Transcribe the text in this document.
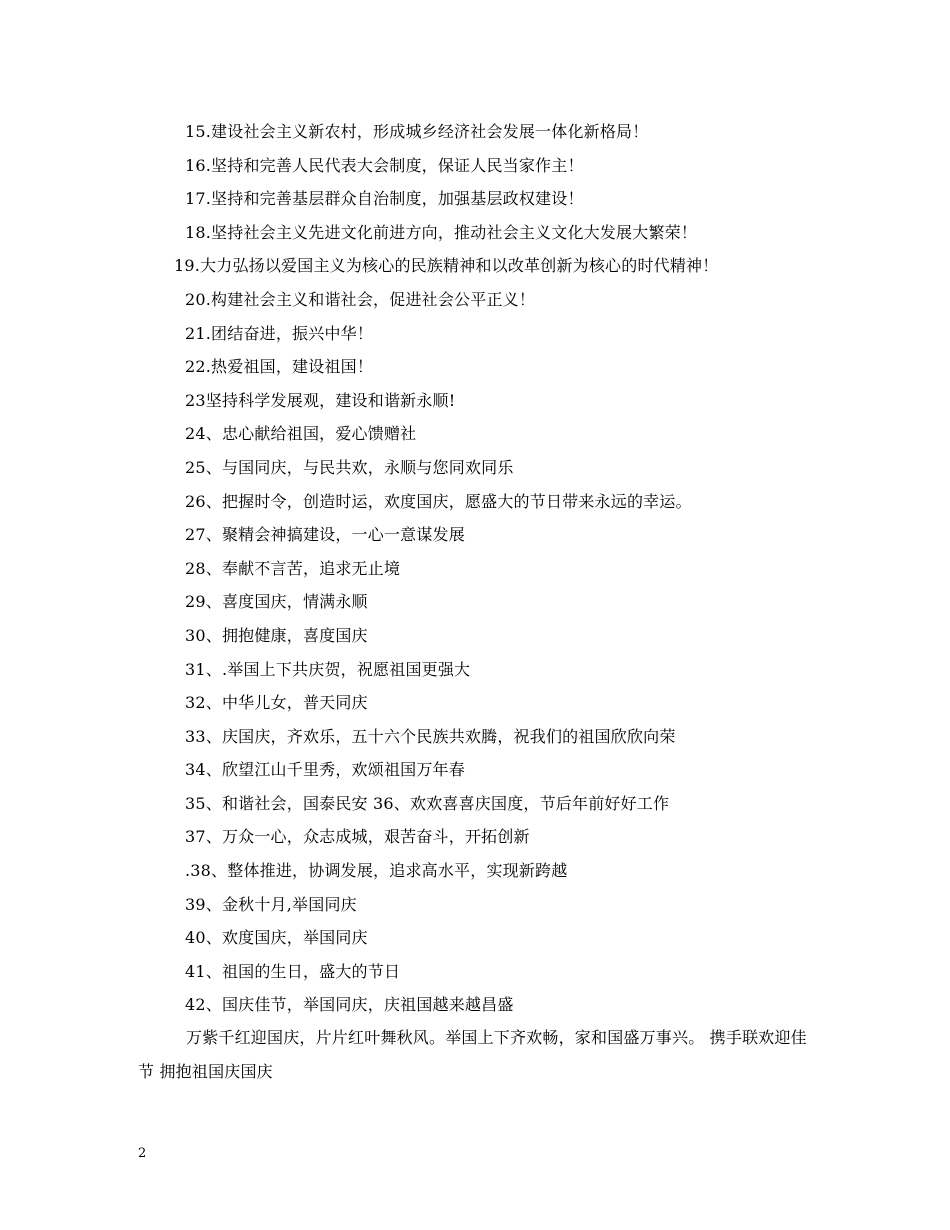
15.建设社会主义新农村，形成城乡经济社会发展一体化新格局！
16.坚持和完善人民代表大会制度，保证人民当家作主！
17.坚持和完善基层群众自治制度，加强基层政权建设！
18.坚持社会主义先进文化前进方向，推动社会主义文化大发展大繁荣！
19.大力弘扬以爱国主义为核心的民族精神和以改革创新为核心的时代精神！
20.构建社会主义和谐社会，促进社会公平正义！
21.团结奋进，振兴中华！
22.热爱祖国，建设祖国！
23坚持科学发展观，建设和谐新永顺!
24、忠心献给祖国，爱心馈赠社
25、与国同庆，与民共欢，永顺与您同欢同乐
26、把握时令，创造时运，欢度国庆，愿盛大的节日带来永远的幸运。
27、聚精会神搞建设，一心一意谋发展
28、奉献不言苦，追求无止境
29、喜度国庆，情满永顺
30、拥抱健康，喜度国庆
31、.举国上下共庆贺，祝愿祖国更强大
32、中华儿女，普天同庆
33、庆国庆，齐欢乐，五十六个民族共欢腾，祝我们的祖国欣欣向荣
34、欣望江山千里秀，欢颂祖国万年春
35、和谐社会，国泰民安 36、欢欢喜喜庆国度，节后年前好好工作
37、万众一心，众志成城，艰苦奋斗，开拓创新
.38、整体推进，协调发展，追求高水平，实现新跨越
39、金秋十月,举国同庆
40、欢度国庆，举国同庆
41、祖国的生日，盛大的节日
42、国庆佳节，举国同庆，庆祖国越来越昌盛

万紫千红迎国庆，片片红叶舞秋风。举国上下齐欢畅，家和国盛万事兴。 携手联欢迎佳节 拥抱祖国庆国庆

2
